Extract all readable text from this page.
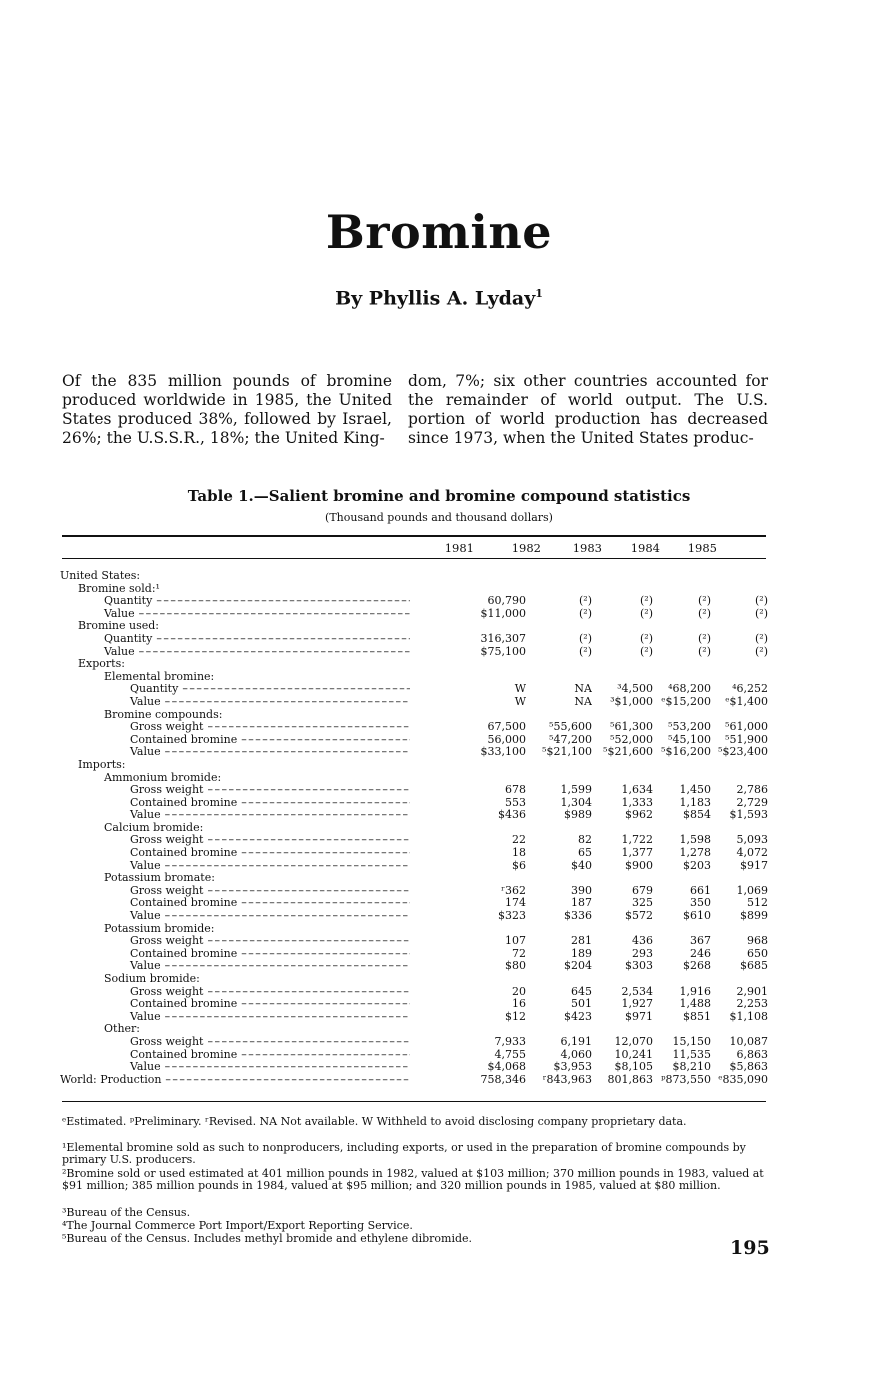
Bromine
By Phyllis A. Lyday$^1$
Of the 835 million pounds of bromine produced worldwide in 1985, the United States produced 38%, followed by Israel, 26%; the U.S.S.R., 18%; the United King-
dom, 7%; six other countries accounted for the remainder of world output. The U.S. portion of world production has decreased since 1973, when the United States produc-
Table 1.—Salient bromine and bromine compound statistics
(Thousand pounds and thousand dollars)
1981	1982	1983	1984	1985
United States:					

Bromine sold:¹					

Quantity – – –	60,790	(²)	(²)	(²)	(²)

Value – – –	$11,000	(²)	(²)	(²)	(²)

Bromine used:					

Quantity – – –	316,307	(²)	(²)	(²)	(²)

Value – – –	$75,100	(²)	(²)	(²)	(²)

Exports:					

Elemental bromine:					

Quantity – – –	W	NA	³4,500	⁴68,200	⁴6,252

Value – – –	W	NA	³$1,000	ᵉ$15,200	ᵉ$1,400

Bromine compounds:					

Gross weight – – –	67,500	⁵55,600	⁵61,300	⁵53,200	⁵61,000

Contained bromine – – –	56,000	⁵47,200	⁵52,000	⁵45,100	⁵51,900

Value – – –	$33,100	⁵$21,100	⁵$21,600	⁵$16,200	⁵$23,400

Imports:					

Ammonium bromide:					

Gross weight – – –	678	1,599	1,634	1,450	2,786

Contained bromine – – –	553	1,304	1,333	1,183	2,729

Value – – –	$436	$989	$962	$854	$1,593

Calcium bromide:					

Gross weight – – –	22	82	1,722	1,598	5,093

Contained bromine – – –	18	65	1,377	1,278	4,072

Value – – –	$6	$40	$900	$203	$917

Potassium bromate:					

Gross weight – – –	ʳ362	390	679	661	1,069

Contained bromine – – –	174	187	325	350	512

Value – – –	$323	$336	$572	$610	$899

Potassium bromide:					

Gross weight – – –	107	281	436	367	968

Contained bromine – – –	72	189	293	246	650

Value – – –	$80	$204	$303	$268	$685

Sodium bromide:					

Gross weight – – –	20	645	2,534	1,916	2,901

Contained bromine – – –	16	501	1,927	1,488	2,253

Value – – –	$12	$423	$971	$851	$1,108

Other:					

Gross weight – – –	7,933	6,191	12,070	15,150	10,087

Contained bromine – – –	4,755	4,060	10,241	11,535	6,863

Value – – –	$4,068	$3,953	$8,105	$8,210	$5,863

World: Production – – –	758,346	ʳ843,963	801,863	ᵖ873,550	ᵉ835,090
ᵉEstimated. ᵖPreliminary. ʳRevised. NA Not available. W Withheld to avoid disclosing company proprietary data.
¹Elemental bromine sold as such to nonproducers, including exports, or used in the preparation of bromine compounds by primary U.S. producers.
²Bromine sold or used estimated at 401 million pounds in 1982, valued at $103 million; 370 million pounds in 1983, valued at $91 million; 385 million pounds in 1984, valued at $95 million; and 320 million pounds in 1985, valued at $80 million.
³Bureau of the Census.
⁴The Journal Commerce Port Import/Export Reporting Service.
⁵Bureau of the Census. Includes methyl bromide and ethylene dibromide.	195
